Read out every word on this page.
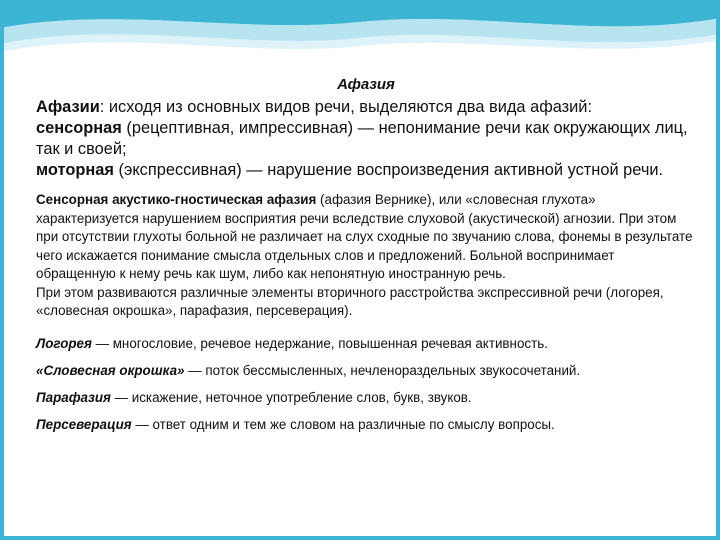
Афазия

Афазии: исходя из основных видов речи, выделяются два вида афазий:

сенсорная (рецептивная, импрессивная) — непонимание речи как окружающих лиц, так и своей;

моторная (экспрессивная) — нарушение воспроизведения активной устной речи.

Сенсорная акустико-гностическая афазия (афазия Вернике), или «словесная глухота» характеризуется нарушением восприятия речи вследствие слуховой (акустической) агнозии. При этом при отсутствии глухоты больной не различает на слух сходные по звучанию слова, фонемы в результате чего искажается понимание смысла отдельных слов и предложений. Больной воспринимает обращенную к нему речь как шум, либо как непонятную иностранную речь.

При этом развиваются различные элементы вторичного расстройства экспрессивной речи (логорея, «словесная окрошка», парафазия, персеверация).

Логорея — многословие, речевое недержание, повышенная речевая активность.

«Словесная окрошка» — поток бессмысленных, нечленораздельных звукосочетаний.

Парафазия — искажение, неточное употребление слов, букв, звуков.

Персеверация — ответ одним и тем же словом на различные по смыслу вопросы.
